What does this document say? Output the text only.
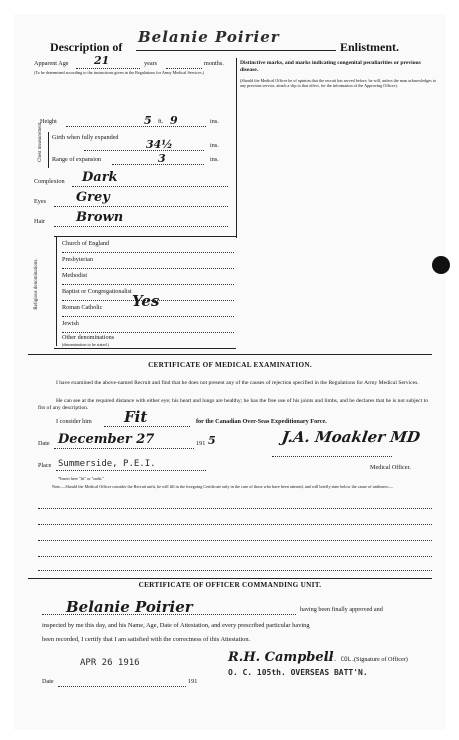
Description of
Belanie Poirier
Enlistment.
Apparent Age 21	years	months.
(To be determined according to the instructions given in the Regulations for Army Medical Services.)
Distinctive marks, and marks indicating congenital peculiarities or previous disease.
(Should the Medical Officer be of opinion that the recruit has served before, he will, unless the man acknowledges to any previous service, attach a slip to that effect, for the information of the Approving Officer).
Height	5 ft. 9	ins.
Chest measurement. Girth when fully expanded
34½	ins.
Range of expansion	3	ins.
Complexion Dark
Eyes Grey
Hair Brown
Religious denominations.
Church of England
Presbyterian
Methodist
Baptist or Congregationalist
Roman Catholic Yes
Jewish
Other denominations
(denomination to be stated.)
CERTIFICATE OF MEDICAL EXAMINATION.
I have examined the above-named Recruit and find that he does not present any of the causes of rejection specified in the Regulations for Army Medical Services.
He can see at the required distance with either eye; his heart and lungs are healthy; he has the free use of his joints and limbs, and he declares that he is not subject to fits of any description.
I consider him Fit	for the Canadian Over-Seas Expeditionary Force.
Date December 27	191 5	J.A. Moakler MD
Place Summerside, P.E.I.	Medical Officer.
*Insert here "fit" or "unfit."
Note.—Should the Medical Officer consider the Recruit unfit, he will fill in the foregoing Certificate only in the case of those who have been attested, and will briefly state below the cause of unfitness:—
CERTIFICATE OF OFFICER COMMANDING UNIT.
Belanie Poirier	having been finally approved and
inspected by me this day, and his Name, Age, Date of Attestation, and every prescribed particular having
been recorded, I certify that I am satisfied with the correctness of this Attestation.
R.H. Campbell
LT. COL. (Signature of Officer)
APR 26 1916
O. C. 105th. OVERSEAS BATT'N.
Date	191
